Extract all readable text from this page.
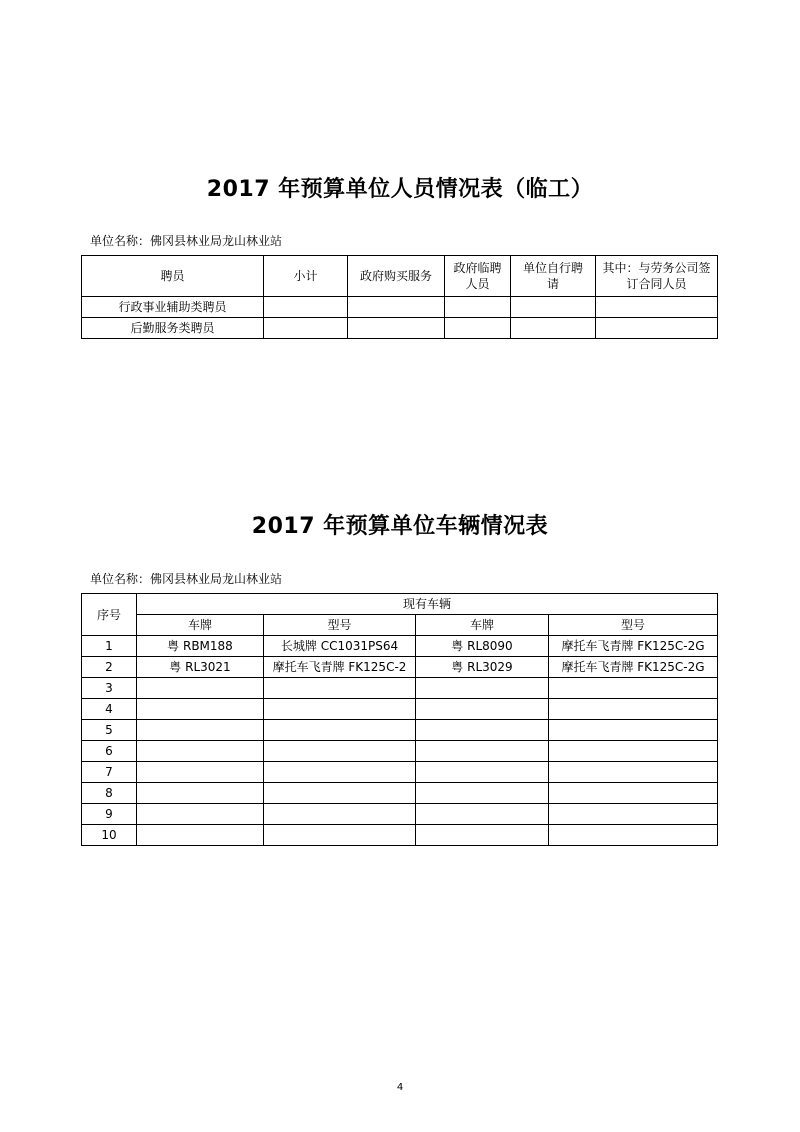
2017 年预算单位人员情况表（临工）
单位名称：佛冈县林业局龙山林业站
聘员	小计	政府购买服务	政府临聘人员	单位自行聘请	其中：与劳务公司签订合同人员
行政事业辅助类聘员					
后勤服务类聘员					
2017 年预算单位车辆情况表
单位名称：佛冈县林业局龙山林业站
序号	现有车辆			
	车牌	型号	车牌	型号
1	粤 RBM188	长城牌 CC1031PS64	粤 RL8090	摩托车飞青牌 FK125C-2G
2	粤 RL3021	摩托车飞青牌 FK125C-2	粤 RL3029	摩托车飞青牌 FK125C-2G
3				
4				
5				
6				
7				
8				
9				
10				
4
